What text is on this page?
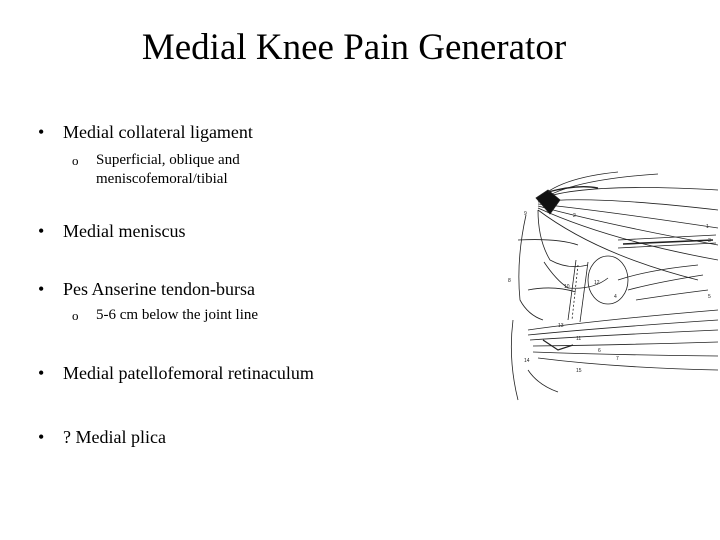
Medial Knee Pain Generator
• Medial collateral ligament
o Superficial, oblique and
meniscofemoral/tibial
• Medial meniscus
• Pes Anserine tendon-bursa
o 5-6 cm below the joint line
• Medial patellofemoral retinaculum
• ? Medial plica
9	2
1
3
8
10
12
4	5
13
11
14
6
7
15
